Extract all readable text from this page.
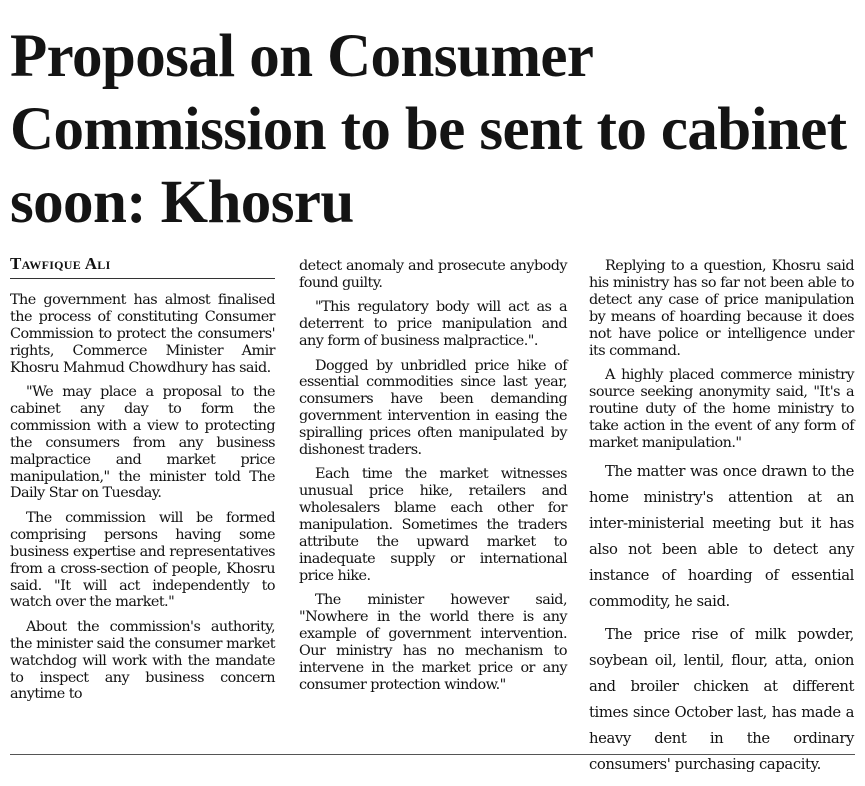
Proposal on Consumer Commission to be sent to cabinet soon: Khosru
Tawfique Ali

The government has almost finalised the process of constituting Consumer Commission to protect the consumers' rights, Commerce Minister Amir Khosru Mahmud Chowdhury has said.

"We may place a proposal to the cabinet any day to form the commission with a view to protecting the consumers from any business malpractice and market price manipulation," the minister told The Daily Star on Tuesday.

The commission will be formed comprising persons having some business expertise and representatives from a cross-section of people, Khosru said. "It will act independently to watch over the market."

About the commission's authority, the minister said the consumer market watchdog will work with the mandate to inspect any business concern anytime to

detect anomaly and prosecute anybody found guilty.

"This regulatory body will act as a deterrent to price manipulation and any form of business malpractice.".

Dogged by unbridled price hike of essential commodities since last year, consumers have been demanding government intervention in easing the spiralling prices often manipulated by dishonest traders.

Each time the market witnesses unusual price hike, retailers and wholesalers blame each other for manipulation. Sometimes the traders attribute the upward market to inadequate supply or international price hike.

The minister however said, "Nowhere in the world there is any example of government intervention. Our ministry has no mechanism to intervene in the market price or any consumer protection window."

Replying to a question, Khosru said his ministry has so far not been able to detect any case of price manipulation by means of hoarding because it does not have police or intelligence under its command.

A highly placed commerce ministry source seeking anonymity said, "It's a routine duty of the home ministry to take action in the event of any form of market manipulation."

The matter was once drawn to the home ministry's attention at an inter-ministerial meeting but it has also not been able to detect any instance of hoarding of essential commodity, he said.

The price rise of milk powder, soybean oil, lentil, flour, atta, onion and broiler chicken at different times since October last, has made a heavy dent in the ordinary consumers' purchasing capacity.
